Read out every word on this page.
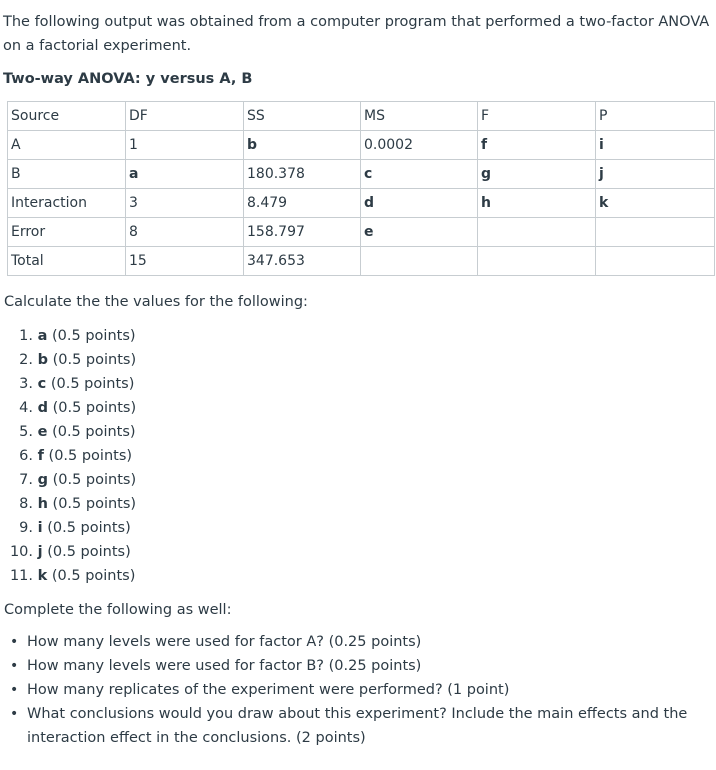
The following output was obtained from a computer program that performed a two-factor ANOVA on a factorial experiment.

Two-way ANOVA: y versus A, B
Source	DF	SS	MS	F	P
A	1	b	0.0002	f	i
B	a	180.378	c	g	j
Interaction	3	8.479	d	h	k
Error	8	158.797	e		
Total	15	347.653			
Calculate the the values for the following:
1. a (0.5 points)
2. b (0.5 points)
3. c (0.5 points)
4. d (0.5 points)
5. e (0.5 points)
6. f (0.5 points)
7. g (0.5 points)
8. h (0.5 points)
9. i (0.5 points)
10. j (0.5 points)
11. k (0.5 points)
Complete the following as well:
• How many levels were used for factor A? (0.25 points)
• How many levels were used for factor B? (0.25 points)
• How many replicates of the experiment were performed? (1 point)
• What conclusions would you draw about this experiment? Include the main effects and the interaction effect in the conclusions. (2 points)
